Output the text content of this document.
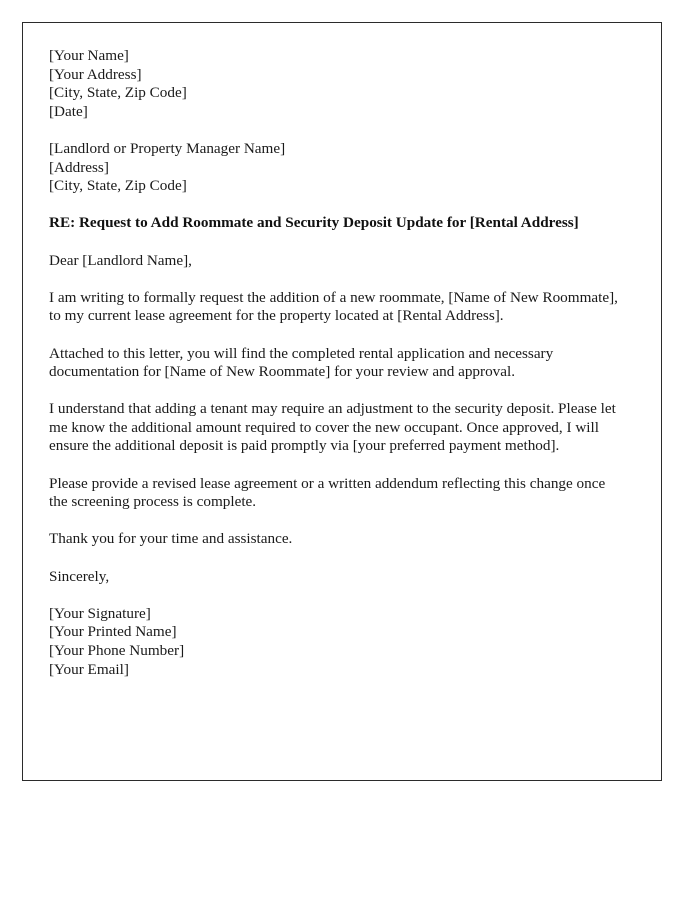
[Your Name]
[Your Address]
[City, State, Zip Code]
[Date]
[Landlord or Property Manager Name]
[Address]
[City, State, Zip Code]
RE: Request to Add Roommate and Security Deposit Update for [Rental Address]
Dear [Landlord Name],
I am writing to formally request the addition of a new roommate, [Name of New Roommate], to my current lease agreement for the property located at [Rental Address].
Attached to this letter, you will find the completed rental application and necessary documentation for [Name of New Roommate] for your review and approval.
I understand that adding a tenant may require an adjustment to the security deposit. Please let me know the additional amount required to cover the new occupant. Once approved, I will ensure the additional deposit is paid promptly via [your preferred payment method].
Please provide a revised lease agreement or a written addendum reflecting this change once the screening process is complete.
Thank you for your time and assistance.
Sincerely,
[Your Signature]
[Your Printed Name]
[Your Phone Number]
[Your Email]
